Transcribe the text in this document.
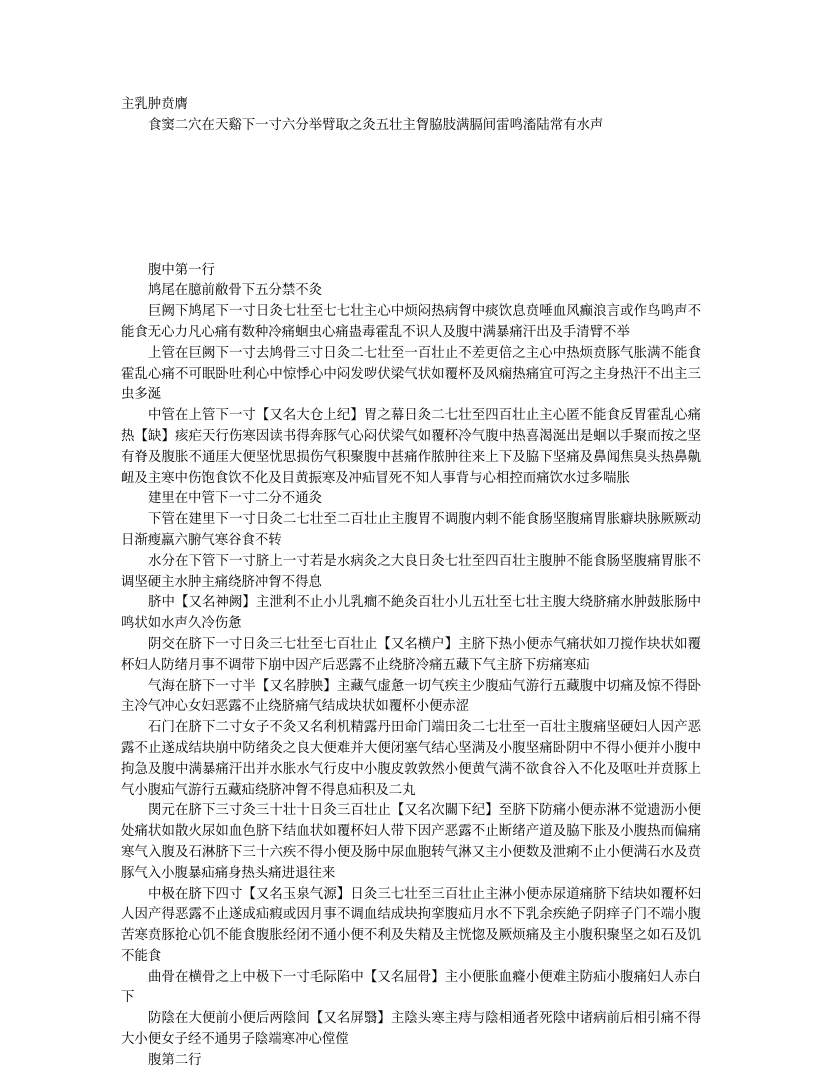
主乳肿贲膺

食窦二穴在天谿下一寸六分举臂取之灸五壮主胷脇肢满膈间雷鸣滀陆常有水声

腹中第一行

鸠尾在臆前敝骨下五分禁不灸

巨阙下鸠尾下一寸日灸七壮至七七壮主心中烦闷热病胷中痰饮息贲唾血风癫浪言或作鸟鸣声不能食无心力凡心痛有数种冷痛蛔虫心痛蛊毒霍乱不识人及腹中满暴痛汗出及手清臂不举

上管在巨阙下一寸去鸠骨三寸日灸二七壮至一百壮止不差更倍之主心中热烦贲豚气胀满不能食霍乱心痛不可眠卧吐利心中惊悸心中闷发哕伏梁气状如覆杯及风痫热痛宜可泻之主身热汗不出主三虫多涎

中管在上管下一寸【又名大仓上纪】胃之幕日灸二七壮至四百壮止主心匿不能食反胃霍乱心痛热【缺】痎疟天行伤寒因读书得奔豚气心闷伏梁气如覆杯冷气腹中热喜渴涎出是蛔以手聚而按之坚有脊及腹胀不通厓大便坚忧思损伤气积聚腹中甚痛作脓肿往来上下及脇下坚痛及鼻闻焦臭头热鼻鼽衄及主寒中伤饱食饮不化及目黄振寒及冲疝冒死不知人事背与心相控而痛饮水过多喘胀

建里在中管下一寸二分不通灸

下管在建里下一寸日灸二七壮至二百壮止主腹胃不调腹内剌不能食肠坚腹痛胃胀癖块脉厥厥动日渐瘦羸六腑气寒谷食不转

水分在下管下一寸脐上一寸若是水病灸之大良日灸七壮至四百壮主腹肿不能食肠坚腹痛胃胀不调坚硬主水肿主痛绕脐冲胷不得息

脐中【又名神阙】主泄利不止小儿乳癎不絶灸百壮小儿五壮至七壮主腹大绕脐痛水肿鼓胀肠中鸣状如水声久冷伤惫

阴交在脐下一寸日灸三七壮至七百壮止【又名横户】主脐下热小便赤气痛状如刀搅作块状如覆杯妇人防绪月事不调带下崩中因产后恶露不止绕脐冷痛五藏下气主脐下疠痛寒疝

气海在脐下一寸半【又名脖胦】主藏气虚惫一切气疾主少腹疝气游行五藏腹中切痛及惊不得卧主冷气冲心女妇恶露不止绕脐痛气结成块状如覆杯小便赤涩

石门在脐下二寸女子不灸又名利机精露丹田命门端田灸二七壮至一百壮主腹痛坚硬妇人因产恶露不止遂成结块崩中防绪灸之良大便难并大便闭塞气结心坚满及小腹坚痛卧阴中不得小便并小腹中拘急及腹中满暴痛汗出并水胀水气行皮中小腹皮敦敦然小便黄气满不欲食谷入不化及呕吐并贲豚上气小腹疝气游行五藏疝绕脐冲胷不得息疝积及二丸

関元在脐下三寸灸三十壮十日灸三百壮止【又名次關下纪】至脐下防痛小便赤淋不觉遗沥小便处痛状如散火尿如血色脐下结血状如覆杯妇人带下因产恶露不止断绪产道及脇下胀及小腹热而偏痛寒气入腹及石淋脐下三十六疾不得小便及肠中尿血胞转气淋又主小便数及泄痢不止小便满石水及贲豚气入小腹暴疝痛身热头痛进退往来

中极在脐下四寸【又名玉泉气源】日灸三七壮至三百壮止主淋小便赤尿道痛脐下结块如覆杯妇人因产得恶露不止遂成疝瘕或因月事不调血结成块拘挛腹疝月水不下乳余疾絶子阴痒子门不端小腹苦寒贲豚抢心饥不能食腹胀经闭不通小便不利及失精及主恍惚及厥烦痛及主小腹积聚坚之如石及饥不能食

曲骨在横骨之上中极下一寸毛际陷中【又名屈骨】主小便胀血癃小便难主防疝小腹痛妇人赤白　下

防陰在大便前小便后两陰间【又名屏翳】主陰头寒主痔与陰相通者死陰中诸病前后相引痛不得大小便女子经不通男子陰端寒冲心㑽㑽

腹第二行
